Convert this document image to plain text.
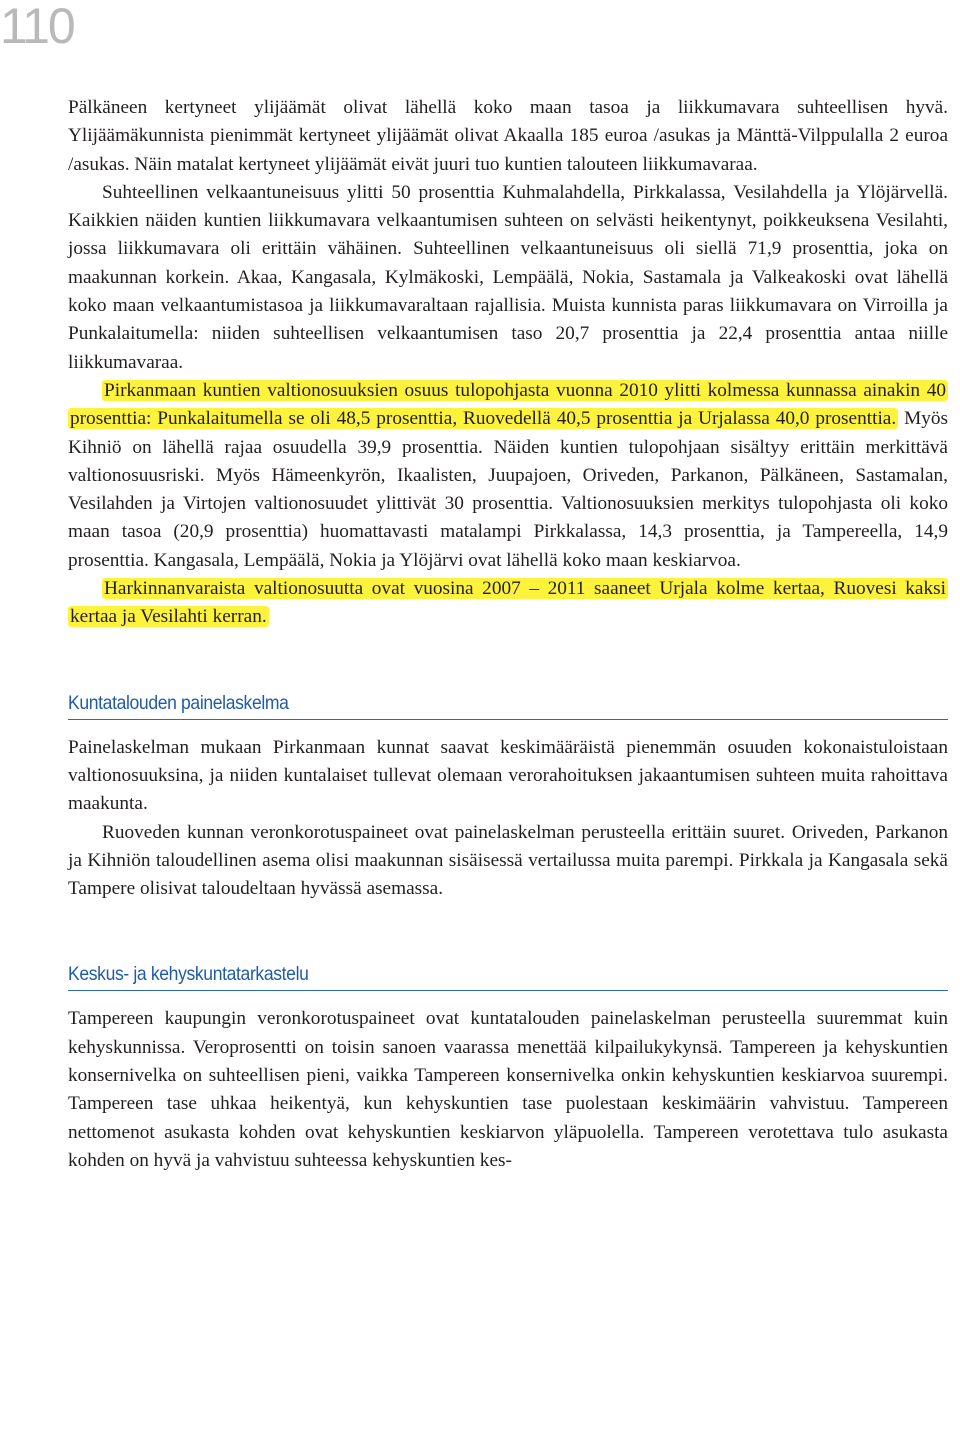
110

Pälkäneen kertyneet ylijäämät olivat lähellä koko maan tasoa ja liikkumavara suhteellisen hyvä. Ylijäämäkunnista pienimmät kertyneet ylijäämät olivat Akaalla 185 euroa /asukas ja Mänttä-Vilppulalla 2 euroa /asukas. Näin matalat kertyneet ylijäämät eivät juuri tuo kuntien talouteen liikkumavaraa.

Suhteellinen velkaantuneisuus ylitti 50 prosenttia Kuhmalahdella, Pirkkalassa, Vesilahdella ja Ylöjärvellä. Kaikkien näiden kuntien liikkumavara velkaantumisen suhteen on selvästi heikentynyt, poikkeuksena Vesilahti, jossa liikkumavara oli erittäin vähäinen. Suhteellinen velkaantuneisuus oli siellä 71,9 prosenttia, joka on maakunnan korkein. Akaa, Kangasala, Kylmäkoski, Lempäälä, Nokia, Sastamala ja Valkeakoski ovat lähellä koko maan velkaantumistasoa ja liikkumavaraltaan rajallisia. Muista kunnista paras liikkumavara on Virroilla ja Punkalaitumella: niiden suhteellisen velkaantumisen taso 20,7 prosenttia ja 22,4 prosenttia antaa niille liikkumavaraa.

Pirkanmaan kuntien valtionosuuksien osuus tulopohjasta vuonna 2010 ylitti kolmessa kunnassa ainakin 40 prosenttia: Punkalaitumella se oli 48,5 prosenttia, Ruovedellä 40,5 prosenttia ja Urjalassa 40,0 prosenttia. Myös Kihniö on lähellä rajaa osuudella 39,9 prosenttia. Näiden kuntien tulopohjaan sisältyy erittäin merkittävä valtionosuusriski. Myös Hämeenkyrön, Ikaalisten, Juupajoen, Oriveden, Parkanon, Pälkäneen, Sastamalan, Vesilahden ja Virtojen valtionosuudet ylittivät 30 prosenttia. Valtionosuuksien merkitys tulopohjasta oli koko maan tasoa (20,9 prosenttia) huomattavasti matalampi Pirkkalassa, 14,3 prosenttia, ja Tampereella, 14,9 prosenttia. Kangasala, Lempäälä, Nokia ja Ylöjärvi ovat lähellä koko maan keskiarvoa.

Harkinnanvaraista valtionosuutta ovat vuosina 2007 – 2011 saaneet Urjala kolme kertaa, Ruovesi kaksi kertaa ja Vesilahti kerran.

Kuntatalouden painelaskelma

Painelaskelman mukaan Pirkanmaan kunnat saavat keskimääräistä pienemmän osuuden kokonaistuloistaan valtionosuuksina, ja niiden kuntalaiset tullevat olemaan verorahoituksen jakaantumisen suhteen muita rahoittava maakunta.

Ruoveden kunnan veronkorotuspaineet ovat painelaskelman perusteella erittäin suuret. Oriveden, Parkanon ja Kihniön taloudellinen asema olisi maakunnan sisäisessä vertailussa muita parempi. Pirkkala ja Kangasala sekä Tampere olisivat taloudeltaan hyvässä asemassa.

Keskus- ja kehyskuntatarkastelu

Tampereen kaupungin veronkorotuspaineet ovat kuntatalouden painelaskelman perusteella suuremmat kuin kehyskunnissa. Veroprosentti on toisin sanoen vaarassa menettää kilpailukykynsä. Tampereen ja kehyskuntien konsernivelka on suhteellisen pieni, vaikka Tampereen konsernivelka onkin kehyskuntien keskiarvoa suurempi. Tampereen tase uhkaa heikentyä, kun kehyskuntien tase puolestaan keskimäärin vahvistuu. Tampereen nettomenot asukasta kohden ovat kehyskuntien keskiarvon yläpuolella. Tampereen verotettava tulo asukasta kohden on hyvä ja vahvistuu suhteessa kehyskuntien kes-
